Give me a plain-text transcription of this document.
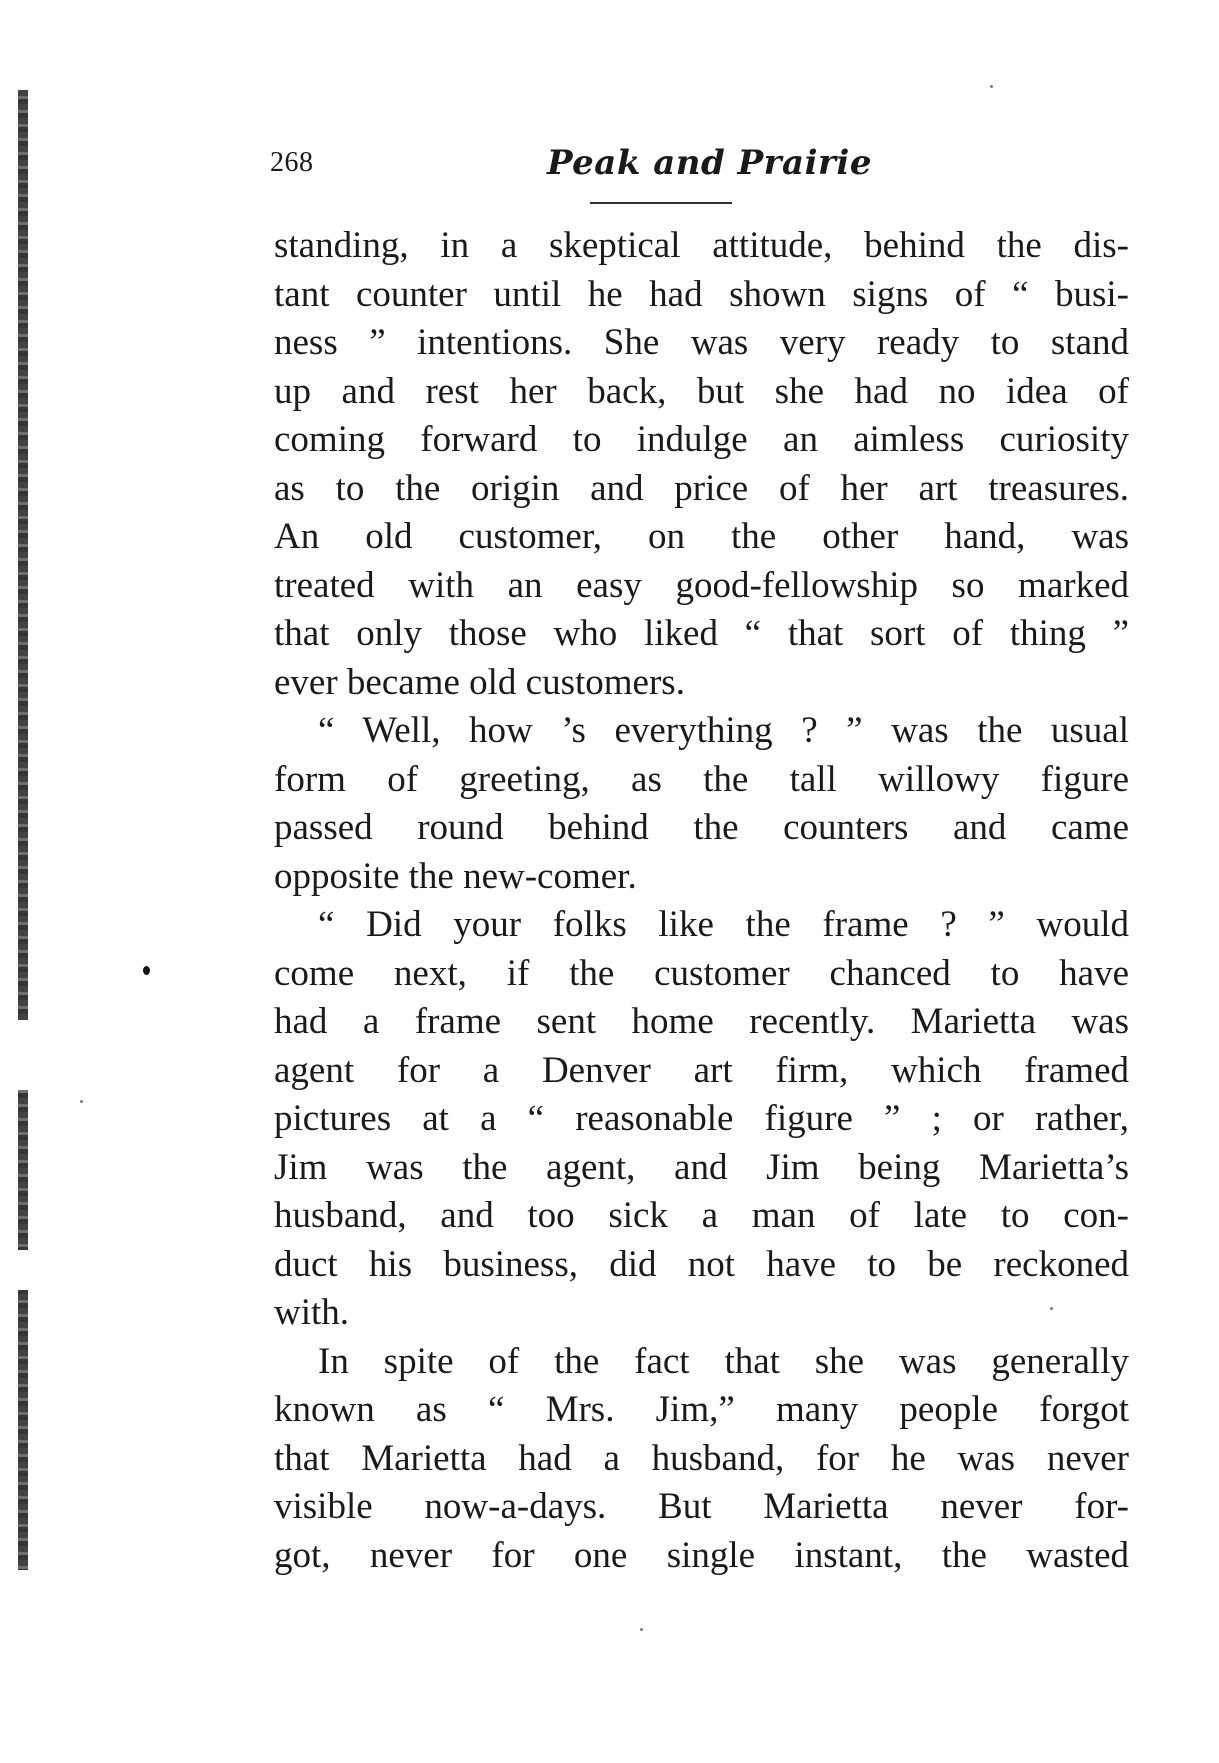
268	Peak and Prairie
standing, in a skeptical attitude, behind the dis-
tant counter until he had shown signs of “ busi-
ness ” intentions. She was very ready to stand
up and rest her back, but she had no idea of
coming forward to indulge an aimless curiosity
as to the origin and price of her art treasures.
An old customer, on the other hand, was
treated with an easy good-fellowship so marked
that only those who liked “ that sort of thing ”
ever became old customers.
“ Well, how ’s everything ? ” was the usual
form of greeting, as the tall willowy figure
passed round behind the counters and came
opposite the new-comer.
“ Did your folks like the frame ? ” would
come next, if the customer chanced to have
had a frame sent home recently. Marietta was
agent for a Denver art firm, which framed
pictures at a “ reasonable figure ” ; or rather,
Jim was the agent, and Jim being Marietta’s
husband, and too sick a man of late to con-
duct his business, did not have to be reckoned
with.
In spite of the fact that she was generally
known as “ Mrs. Jim,” many people forgot
that Marietta had a husband, for he was never
visible now-a-days. But Marietta never for-
got, never for one single instant, the wasted
